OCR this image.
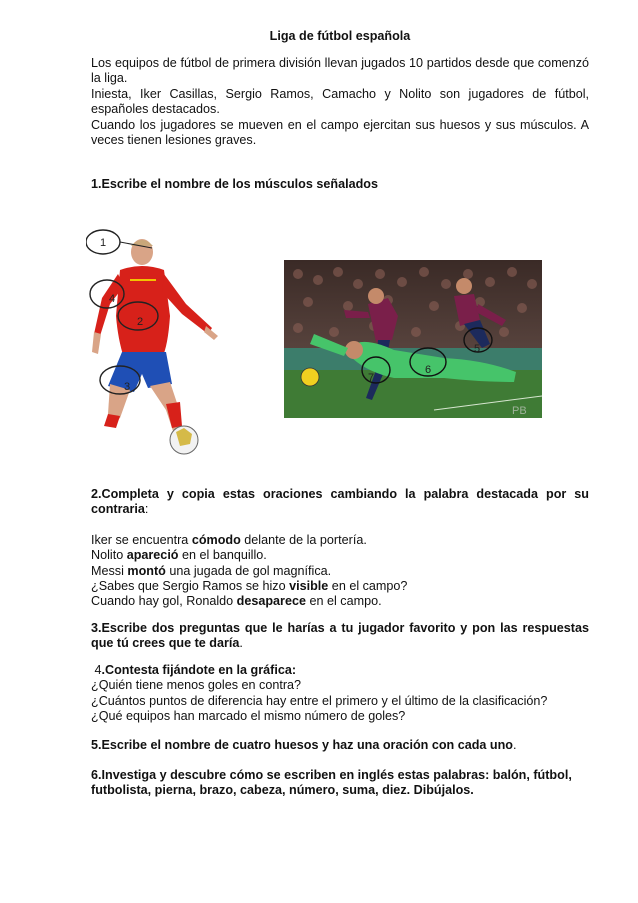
Liga de fútbol española

Los equipos de fútbol de primera división llevan jugados 10 partidos desde que comenzó la liga.

Iniesta, Iker Casillas, Sergio Ramos, Camacho y Nolito son jugadores de fútbol, españoles destacados.

Cuando los jugadores se mueven en el campo ejercitan sus huesos y sus músculos. A veces tienen lesiones graves.

1.Escribe el nombre de los músculos señalados

2.Completa y copia estas oraciones cambiando la palabra destacada por su contraria:

Iker se encuentra cómodo delante de la portería.

Nolito apareció en el banquillo.

Messi montó una jugada de gol magnífica.

¿Sabes que Sergio Ramos se hizo visible en el campo?

Cuando hay gol, Ronaldo desaparece en el campo.

3.Escribe dos preguntas que le harías a tu jugador favorito y pon las respuestas que tú crees que te daría.

4.Contesta fijándote en la gráfica:

¿Quién tiene menos goles en contra?

¿Cuántos puntos de diferencia hay entre el primero y el último de la clasificación?

¿Qué equipos han marcado el mismo número de goles?

5.Escribe el nombre de cuatro huesos y haz una oración con cada uno.

6.Investiga y descubre cómo se escriben en inglés estas palabras: balón, fútbol, futbolista, pierna, brazo, cabeza, número, suma, diez. Dibújalos.

1
4
2
3
5
6
7
PB
